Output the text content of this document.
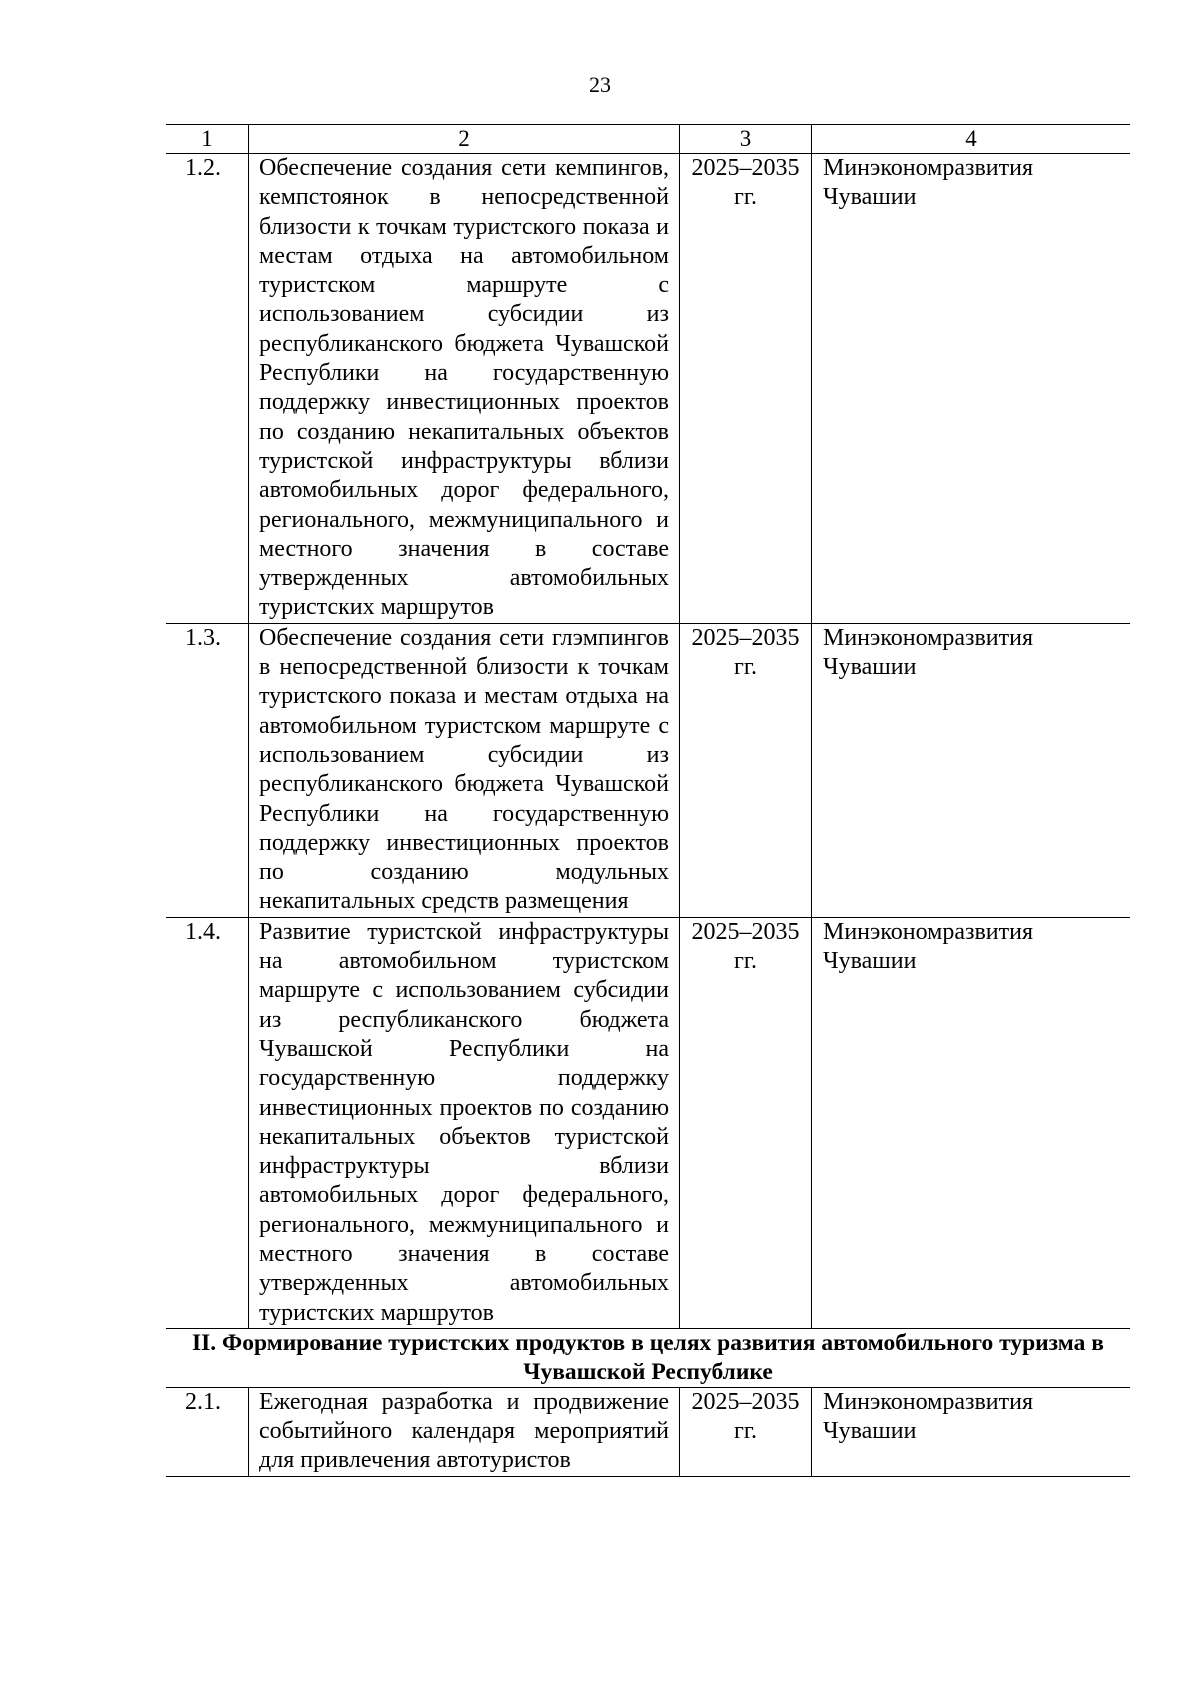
23
1	2	3	4

1.2.	Обеспечение создания сети кемпингов, кемпстоянок в непосредственной близости к точкам туристского показа и местам отдыха на автомобильном туристском маршруте с использованием субсидии из республиканского бюджета Чувашской Республики на государственную поддержку инвестиционных проектов по созданию некапитальных объектов туристской инфраструктуры вблизи автомобильных дорог федерального, регионального, межмуниципального и местного значения в составе утвержденных автомобильных туристских маршрутов	2025–2035 гг.	Минэкономразвития Чувашии

1.3.	Обеспечение создания сети глэмпингов в непосредственной близости к точкам туристского показа и местам отдыха на автомобильном туристском маршруте с использованием субсидии из республиканского бюджета Чувашской Республики на государственную поддержку инвестиционных проектов по созданию модульных некапитальных средств размещения	2025–2035 гг.	Минэкономразвития Чувашии

1.4.	Развитие туристской инфраструктуры на автомобильном туристском маршруте с использованием субсидии из республиканского бюджета Чувашской Республики на государственную поддержку инвестиционных проектов по созданию некапитальных объектов туристской инфраструктуры вблизи автомобильных дорог федерального, регионального, межмуниципального и местного значения в составе утвержденных автомобильных туристских маршрутов	2025–2035 гг.	Минэкономразвития Чувашии

II. Формирование туристских продуктов в целях развития автомобильного туризма в Чувашской Республике			

2.1.	Ежегодная разработка и продвижение событийного календаря мероприятий для привлечения автотуристов	2025–2035 гг.	Минэкономразвития Чувашии
